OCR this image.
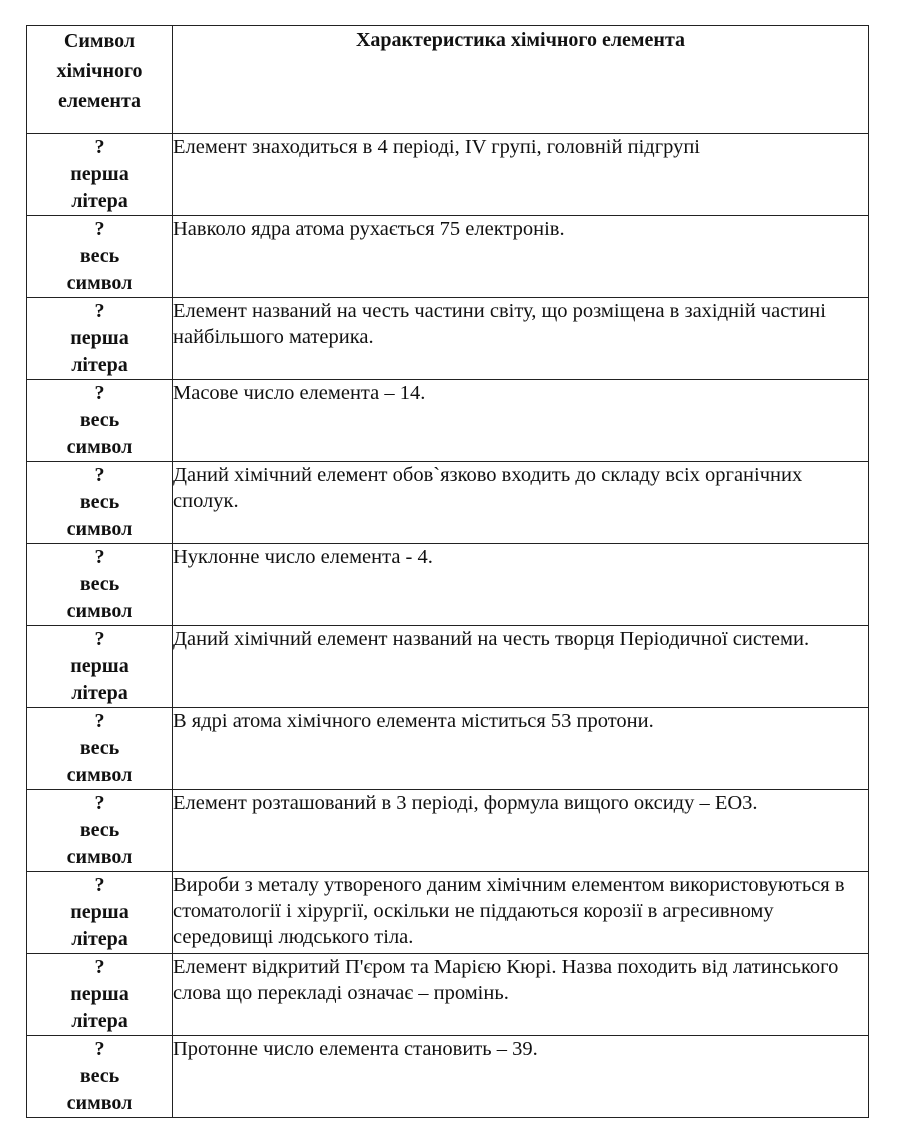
Символ
хімічного
елемента	Характеристика хімічного елемента

?
перша
літера	Елемент знаходиться в 4 періоді, IV групі, головній підгрупі

?
весь
символ	Навколо ядра атома рухається 75 електронів.

?
перша
літера	Елемент названий на честь частини світу, що розміщена в західній частині найбільшого материка.

?
весь
символ	Масове число елемента – 14.

?
весь
символ	Даний хімічний елемент обов`язково входить до складу всіх органічних сполук.

?
весь
символ	Нуклонне число елемента - 4.

?
перша
літера	Даний хімічний елемент названий на честь творця Періодичної системи.

?
весь
символ	В ядрі атома хімічного елемента міститься 53 протони.

?
весь
символ	Елемент розташований в 3 періоді, формула вищого оксиду – ЕО3.

?
перша
літера	Вироби з металу утвореного даним хімічним елементом використовуються в стоматології і хірургії, оскільки не піддаються корозії в агресивному середовищі людського тіла.

?
перша
літера	Елемент відкритий П'єром та Марією Кюрі. Назва походить від латинського слова що перекладі означає – промінь.

?
весь
символ	Протонне число елемента становить – 39.
